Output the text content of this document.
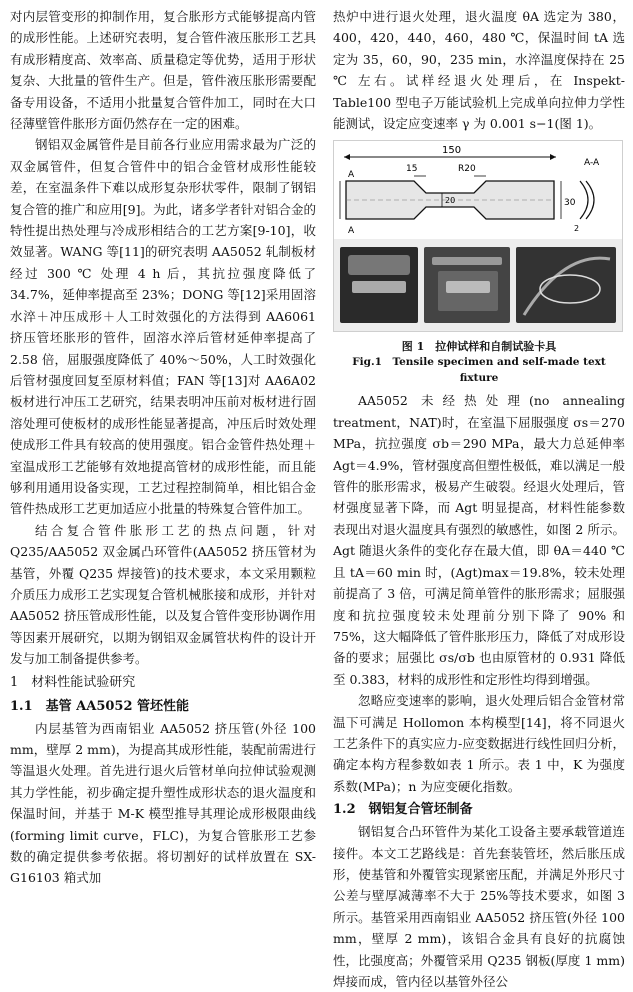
对内层管变形的抑制作用，复合胀形方式能够提高内管的成形性能。上述研究表明，复合管件液压胀形工艺具有成形精度高、效率高、质量稳定等优势，适用于形状复杂、大批量的管件生产。但是，管件液压胀形需要配备专用设备，不适用小批量复合管件加工，同时在大口径薄壁管件胀形方面仍然存在一定的困难。

钢铝双金属管件是目前各行业应用需求最为广泛的双金属管件，但复合管件中的铝合金管材成形性能较差，在室温条件下难以成形复杂形状零件，限制了钢铝复合管的推广和应用[9]。为此，诸多学者针对铝合金的特性提出热处理与冷成形相结合的工艺方案[9-10]，收效显著。WANG 等[11]的研究表明 AA5052 轧制板材经过 300 ℃ 处理 4 h 后，其抗拉强度降低了 34.7%，延伸率提高至 23%；DONG 等[12]采用固溶水淬＋冲压成形＋人工时效强化的方法得到 AA6061 挤压管坯胀形的管件，固溶水淬后管材延伸率提高了 2.58 倍，屈服强度降低了 40%～50%，人工时效强化后管材强度回复至原材料值；FAN 等[13]对 AA6A02 板材进行冲压工艺研究，结果表明冲压前对板材进行固溶处理可使板材的成形性能显著提高，冲压后时效处理使成形工件具有较高的使用强度。铝合金管件热处理＋室温成形工艺能够有效地提高管材的成形性能，而且能够利用通用设备实现，工艺过程控制简单，相比铝合金管件热成形工艺更加适应小批量的特殊复合管件加工。

结合复合管件胀形工艺的热点问题，针对 Q235/AA5052 双金属凸环管件(AA5052 挤压管材为基管，外覆 Q235 焊接管)的技术要求，本文采用颗粒介质压力成形工艺实现复合管机械胀接和成形，并针对 AA5052 挤压管成形性能，以及复合管件变形协调作用等因素开展研究，以期为钢铝双金属管状构件的设计开发与加工制备提供参考。

1　材料性能试验研究
1.1　基管 AA5052 管坯性能

内层基管为西南铝业 AA5052 挤压管(外径 100 mm，壁厚 2 mm)，为提高其成形性能，装配前需进行等温退火处理。首先进行退火后管材单向拉伸试验观测其力学性能，初步确定提升塑性成形状态的退火温度和保温时间，并基于 M-K 模型推导其理论成形极限曲线(forming limit curve，FLC)，为复合管胀形工艺参数的确定提供参考依据。将切割好的试样放置在 SX-G16103 箱式加

热炉中进行退火处理，退火温度 θA 选定为 380，400，420，440，460，480 ℃，保温时间 tA 选定为 35，60，90，235 min，水淬温度保持在 25 ℃ 左右。试样经退火处理后，在 Inspekt-Table100 型电子万能试验机上完成单向拉伸力学性能测试，设定应变速率 γ 为 0.001 s−1(图 1)。

150
15	R20
A
A
30
A-A
2
20
图 1　拉伸试样和自制试验卡具
Fig.1　Tensile specimen and self-made text
fixture

AA5052 未经热处理(no annealing treatment，NAT)时，在室温下屈服强度 σs＝270 MPa，抗拉强度 σb＝290 MPa，最大力总延伸率 Agt＝4.9%，管材强度高但塑性极低，难以满足一般管件的胀形需求，极易产生破裂。经退火处理后，管材强度显著下降，而 Agt 明显提高，材料性能参数表现出对退火温度具有强烈的敏感性，如图 2 所示。Agt 随退火条件的变化存在最大值，即 θA＝440 ℃ 且 tA＝60 min 时，(Agt)max＝19.8%，较未处理前提高了 3 倍，可满足简单管件的胀形需求；屈服强度和抗拉强度较未处理前分别下降了 90% 和 75%，这大幅降低了管件胀形压力，降低了对成形设备的要求；屈强比 σs/σb 也由原管材的 0.931 降低至 0.383，材料的成形性和定形性均得到增强。

忽略应变速率的影响，退火处理后铝合金管材常温下可满足 Hollomon 本构模型[14]，将不同退火工艺条件下的真实应力-应变数据进行线性回归分析，确定本构方程参数如表 1 所示。表 1 中，K 为强度系数(MPa)；n 为应变硬化指数。

1.2　钢铝复合管坯制备

钢铝复合凸环管件为某化工设备主要承载管道连接件。本文工艺路线是：首先套装管坯，然后胀压成形，使基管和外覆管实现紧密压配，并满足外形尺寸公差与壁厚减薄率不大于 25%等技术要求，如图 3 所示。基管采用西南铝业 AA5052 挤压管(外径 100 mm，壁厚 2 mm)，该铝合金具有良好的抗腐蚀性，比强度高；外覆管采用 Q235 钢板(厚度 1 mm)焊接而成，管内径以基管外径公
